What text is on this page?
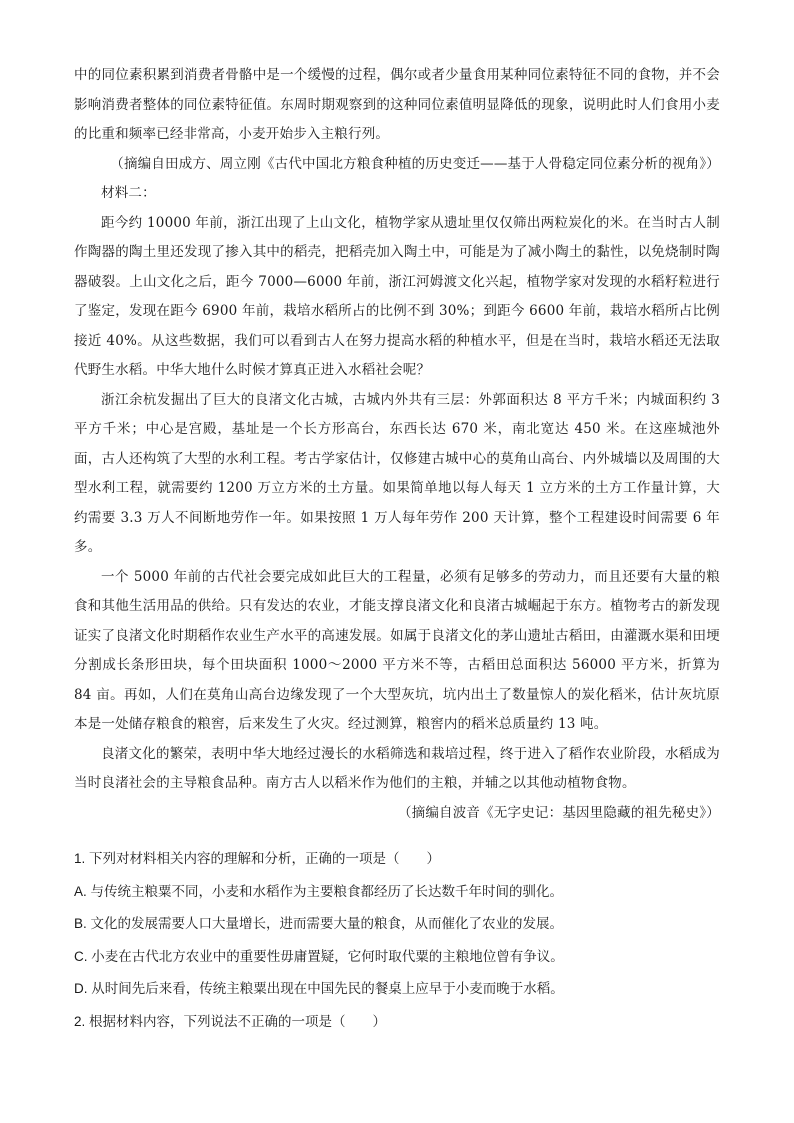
中的同位素积累到消费者骨骼中是一个缓慢的过程，偶尔或者少量食用某种同位素特征不同的食物，并不会影响消费者整体的同位素特征值。东周时期观察到的这种同位素值明显降低的现象，说明此时人们食用小麦的比重和频率已经非常高，小麦开始步入主粮行列。

（摘编自田成方、周立刚《古代中国北方粮食种植的历史变迁——基于人骨稳定同位素分析的视角》）

材料二：

距今约 10000 年前，浙江出现了上山文化，植物学家从遗址里仅仅筛出两粒炭化的米。在当时古人制作陶器的陶土里还发现了掺入其中的稻壳，把稻壳加入陶土中，可能是为了减小陶土的黏性，以免烧制时陶器破裂。上山文化之后，距今 7000—6000 年前，浙江河姆渡文化兴起，植物学家对发现的水稻籽粒进行了鉴定，发现在距今 6900 年前，栽培水稻所占的比例不到 30%；到距今 6600 年前，栽培水稻所占比例接近 40%。从这些数据，我们可以看到古人在努力提高水稻的种植水平，但是在当时，栽培水稻还无法取代野生水稻。中华大地什么时候才算真正进入水稻社会呢？

浙江余杭发掘出了巨大的良渚文化古城，古城内外共有三层：外郭面积达 8 平方千米；内城面积约 3 平方千米；中心是宫殿，基址是一个长方形高台，东西长达 670 米，南北宽达 450 米。在这座城池外面，古人还构筑了大型的水利工程。考古学家估计，仅修建古城中心的莫角山高台、内外城墙以及周围的大型水利工程，就需要约 1200 万立方米的土方量。如果简单地以每人每天 1 立方米的土方工作量计算，大约需要 3.3 万人不间断地劳作一年。如果按照 1 万人每年劳作 200 天计算，整个工程建设时间需要 6 年多。

一个 5000 年前的古代社会要完成如此巨大的工程量，必须有足够多的劳动力，而且还要有大量的粮食和其他生活用品的供给。只有发达的农业，才能支撑良渚文化和良渚古城崛起于东方。植物考古的新发现证实了良渚文化时期稻作农业生产水平的高速发展。如属于良渚文化的茅山遗址古稻田，由灌溉水渠和田埂分割成长条形田块，每个田块面积 1000～2000 平方米不等，古稻田总面积达 56000 平方米，折算为 84 亩。再如，人们在莫角山高台边缘发现了一个大型灰坑，坑内出土了数量惊人的炭化稻米，估计灰坑原本是一处储存粮食的粮窖，后来发生了火灾。经过测算，粮窖内的稻米总质量约 13 吨。

良渚文化的繁荣，表明中华大地经过漫长的水稻筛选和栽培过程，终于进入了稻作农业阶段，水稻成为当时良渚社会的主导粮食品种。南方古人以稻米作为他们的主粮，并辅之以其他动植物食物。

（摘编自波音《无字史记：基因里隐藏的祖先秘史》）

1. 下列对材料相关内容的理解和分析，正确的一项是（　　）

A. 与传统主粮粟不同，小麦和水稻作为主要粮食都经历了长达数千年时间的驯化。

B. 文化的发展需要人口大量增长，进而需要大量的粮食，从而催化了农业的发展。

C. 小麦在古代北方农业中的重要性毋庸置疑，它何时取代粟的主粮地位曾有争议。

D. 从时间先后来看，传统主粮粟出现在中国先民的餐桌上应早于小麦而晚于水稻。

2. 根据材料内容，下列说法不正确的一项是（　　）
